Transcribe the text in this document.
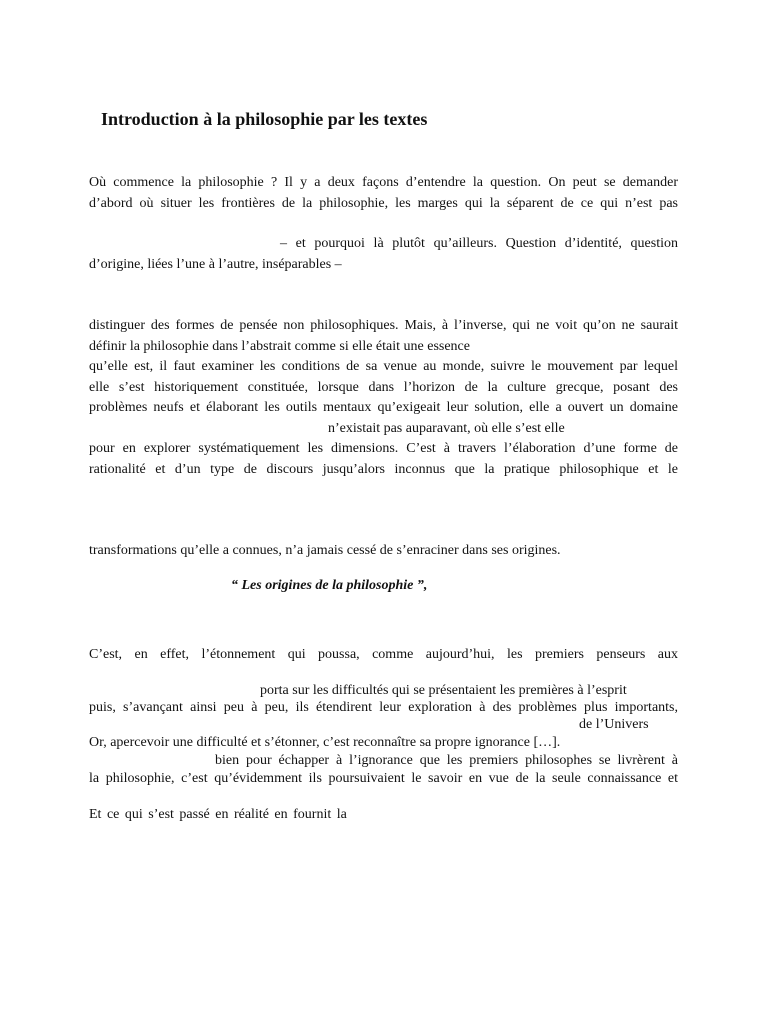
Introduction à la philosophie par les textes
Où commence la philosophie ? Il y a deux façons d’entendre la question. On peut se demander
d’abord où situer les frontières de la philosophie, les marges qui la séparent de ce qui n’est pas
– et pourquoi là plutôt qu’ailleurs. Question d’identité, question
d’origine, liées l’une à l’autre, inséparables –
distinguer des formes de pensée non philosophiques. Mais, à l’inverse, qui ne voit qu’on ne saurait
définir la philosophie dans l’abstrait comme si elle était une essence
qu’elle est, il faut examiner les conditions de sa venue au monde, suivre le mouvement par lequel
elle s’est historiquement constituée, lorsque dans l’horizon de la culture grecque, posant des
problèmes neufs et élaborant les outils mentaux qu’exigeait leur solution, elle a ouvert un domaine
n’existait pas auparavant, où elle s’est elle
pour en explorer systématiquement les dimensions. C’est à travers l’élaboration d’une forme de
rationalité et d’un type de discours jusqu’alors inconnus que la pratique philosophique et le
transformations qu’elle a connues, n’a jamais cessé de s’enraciner dans ses origines.
“ Les origines de la philosophie ”,
C’est, en effet, l’étonnement qui poussa, comme aujourd’hui, les premiers penseurs aux
porta sur les difficultés qui se présentaient les premières à l’esprit
puis, s’avançant ainsi peu à peu, ils étendirent leur exploration à des problèmes plus importants,
de l’Univers
Or, apercevoir une difficulté et s’étonner, c’est reconnaître sa propre ignorance […].
bien pour échapper à l’ignorance que les premiers philosophes se livrèrent à
la philosophie, c’est qu’évidemment ils poursuivaient le savoir en vue de la seule connaissance et
Et ce qui s’est passé en réalité en fournit la
